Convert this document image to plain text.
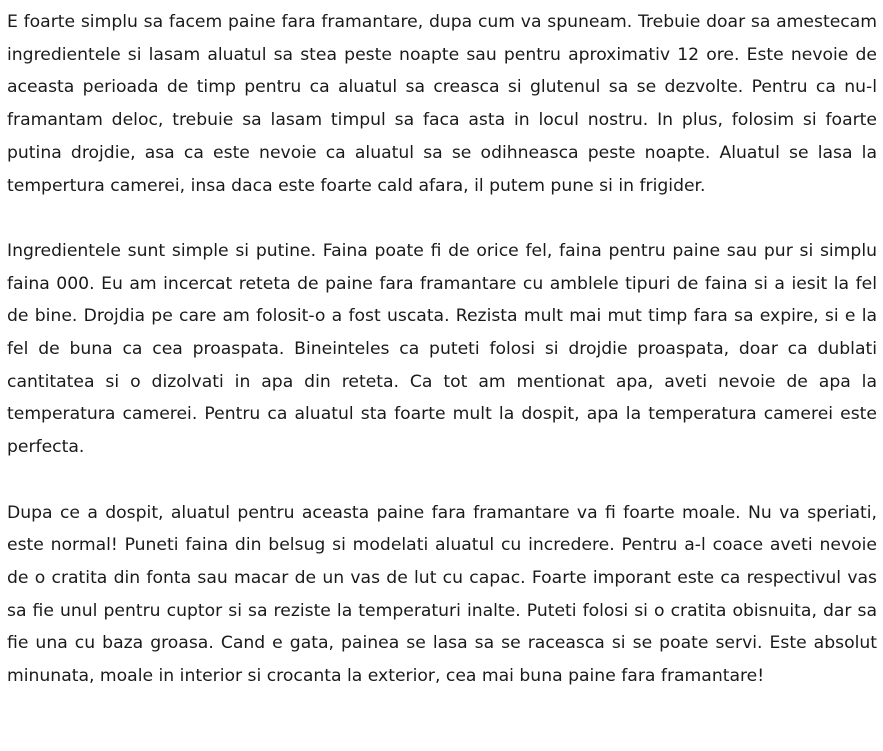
E foarte simplu sa facem paine fara framantare, dupa cum va spuneam. Trebuie doar sa amestecam ingredientele si lasam aluatul sa stea peste noapte sau pentru aproximativ 12 ore. Este nevoie de aceasta perioada de timp pentru ca aluatul sa creasca si glutenul sa se dezvolte. Pentru ca nu-l framantam deloc, trebuie sa lasam timpul sa faca asta in locul nostru. In plus, folosim si foarte putina drojdie, asa ca este nevoie ca aluatul sa se odihneasca peste noapte. Aluatul se lasa la tempertura camerei, insa daca este foarte cald afara, il putem pune si in frigider.

Ingredientele sunt simple si putine. Faina poate fi de orice fel, faina pentru paine sau pur si simplu faina 000. Eu am incercat reteta de paine fara framantare cu amblele tipuri de faina si a iesit la fel de bine. Drojdia pe care am folosit-o a fost uscata. Rezista mult mai mut timp fara sa expire, si e la fel de buna ca cea proaspata. Bineinteles ca puteti folosi si drojdie proaspata, doar ca dublati cantitatea si o dizolvati in apa din reteta. Ca tot am mentionat apa, aveti nevoie de apa la temperatura camerei. Pentru ca aluatul sta foarte mult la dospit, apa la temperatura camerei este perfecta.

Dupa ce a dospit, aluatul pentru aceasta paine fara framantare va fi foarte moale. Nu va speriati, este normal! Puneti faina din belsug si modelati aluatul cu incredere. Pentru a-l coace aveti nevoie de o cratita din fonta sau macar de un vas de lut cu capac. Foarte imporant este ca respectivul vas sa fie unul pentru cuptor si sa reziste la temperaturi inalte. Puteti folosi si o cratita obisnuita, dar sa fie una cu baza groasa. Cand e gata, painea se lasa sa se raceasca si se poate servi. Este absolut minunata, moale in interior si crocanta la exterior, cea mai buna paine fara framantare!
